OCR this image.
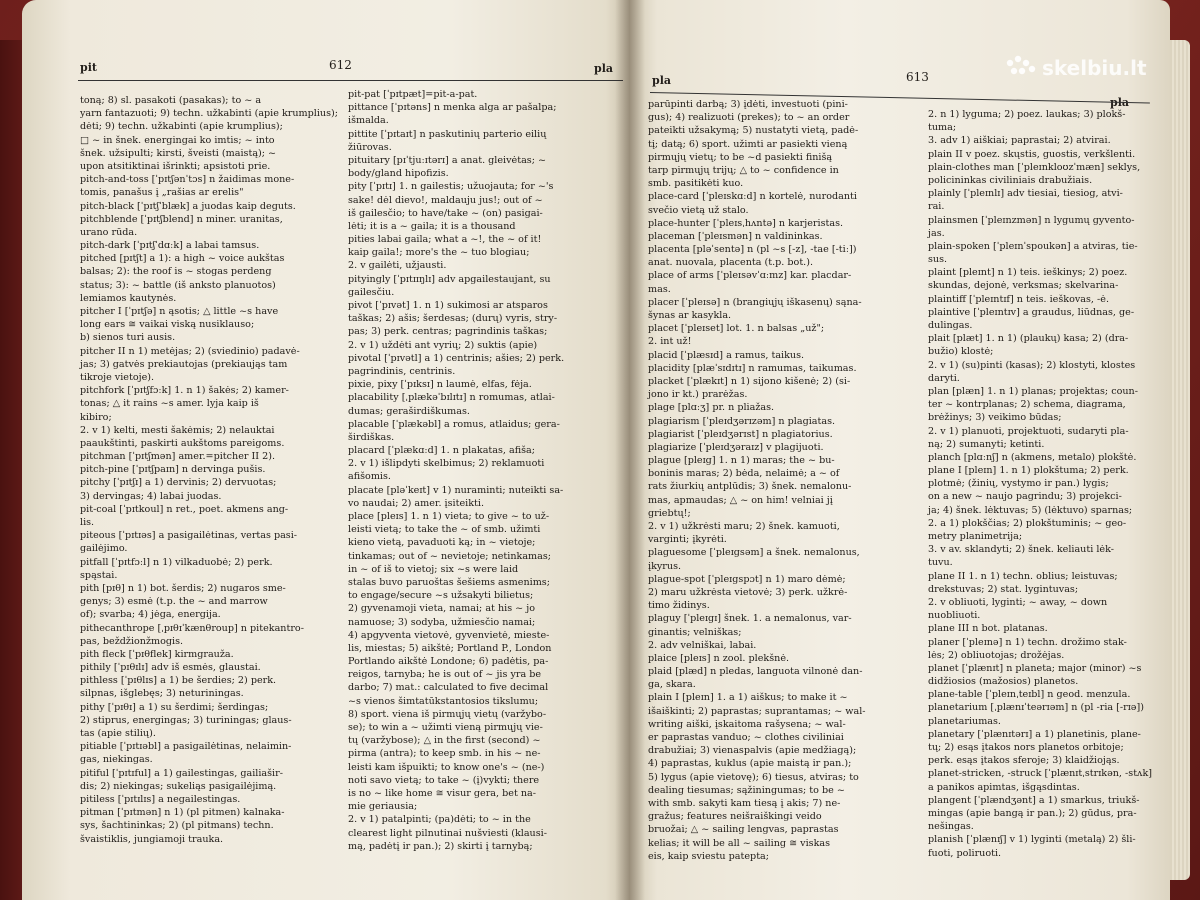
pit	612	pla
toną; 8) sl. pasakoti (pasakas); to ~ a
yarn fantazuoti; 9) techn. užkabinti (apie krumplius);
dėti; 9) techn. užkabinti (apie krumplius);
□ ~ in šnek. energingai ko imtis; ~ into
šnek. užsipulti; kirsti, šveisti (maistą); ~
upon atsitiktinai išrinkti; apsistoti prie.
pitch-and-toss [ˈpɪtʃənˈtɔs] n žaidimas mone-
tomis, panašus į „rašias ar erelis"
pitch-black [ˈpɪtʃˈblæk] a juodas kaip deguts.
pitchblende [ˈpɪtʃblend] n miner. uranitas,
urano rūda.
pitch-dark [ˈpɪtʃˈdɑːk] a labai tamsus.
pitched [pɪtʃt] a 1): a high ~ voice aukštas
balsas; 2): the roof is ~ stogas perdeng
status; 3): ~ battle (iš anksto planuotos)
lemiamos kautynės.
pitcher I [ˈpɪtʃə] n ąsotis; △ little ~s have
long ears ≅ vaikai viską nusiklauso;
b) sienos turi ausis.
pitcher II n 1) metėjas; 2) (sviedinio) padavė-
jas; 3) gatvės prekiautojas (prekiaująs tam
tikroje vietoje).
pitchfork [ˈpɪtʃfɔːk] 1. n 1) šakės; 2) kamer-
tonas; △ it rains ~s amer. lyja kaip iš
kibiro;
2. v 1) kelti, mesti šakėmis; 2) nelauktai
paaukštinti, paskirti aukštoms pareigoms.
pitchman [ˈpɪtʃmən] amer.=pitcher II 2).
pitch-pine [ˈpɪtʃpaɪn] n dervinga pušis.
pitchy [ˈpɪtʃɪ] a 1) dervinis; 2) dervuotas;
3) dervingas; 4) labai juodas.
pit-coal [ˈpɪtkoul] n ret., poet. akmens ang-
lis.
piteous [ˈpɪtɪəs] a pasigailėtinas, vertas pasi-
gailėjimo.
pitfall [ˈpɪtfɔːl] n 1) vilkaduobė; 2) perk.
spąstai.
pith [pɪθ] n 1) bot. šerdis; 2) nugaros sme-
genys; 3) esmė (t.p. the ~ and marrow
of); svarba; 4) jėga, energija.
pithecanthrope [ˌpɪθɪˈkænθroup] n pitekantro-
pas, beždžionžmogis.
pith fleck [ˈpɪθflek] kirmgraužа.
pithily [ˈpɪθɪlɪ] adv iš esmės, glaustai.
pithless [ˈpɪθlɪs] a 1) be šerdies; 2) perk.
silpnas, išglebęs; 3) neturiningas.
pithy [ˈpɪθɪ] a 1) su šerdimi; šerdingas;
2) stiprus, energingas; 3) turiningas; glaus-
tas (apie stilių).
pitiable [ˈpɪtɪəbl] a pasigailėtinas, nelaimin-
gas, niekingas.
pitiful [ˈpɪtɪful] a 1) gailestingas, gailiašir-
dis; 2) niekingas; sukeliąs pasigailėjimą.
pitiless [ˈpɪtɪlɪs] a negailestingas.
pitman [ˈpɪtmən] n 1) (pl pitmen) kalnaka-
sys, šachtininkas; 2) (pl pitmans) techn.
švaistiklis, jungiamoji trauka.
pit-pat [ˈpɪtpæt]=pit-a-pat.
pittance [ˈpɪtəns] n menka alga ar pašalpa;
išmalda.
pittite [ˈpɪtaɪt] n paskutinių parterio eilių
žiūrovas.
pituitary [pɪˈtjuːɪtərɪ] a anat. gleivėtas; ~
body/gland hipofizis.
pity [ˈpɪtɪ] 1. n gailestis; užuojauta; for ~'s
sake! dėl dievo!, maldauju jus!; out of ~
iš gailesčio; to have/take ~ (on) pasigai-
lėti; it is a ~ gaila; it is a thousand
pities labai gaila; what a ~!, the ~ of it!
kaip gaila!; more's the ~ tuo blogiau;
2. v gailėti, užjausti.
pityingly [ˈpɪtɪɪŋlɪ] adv apgailestaujant, su
gailesčiu.
pivot [ˈpɪvət] 1. n 1) sukimosi ar atsparos
taškas; 2) ašis; šerdesas; (durų) vyris, stry-
pas; 3) perk. centras; pagrindinis taškas;
2. v 1) uždėti ant vyrių; 2) suktis (apie)
pivotal [ˈpɪvətl] a 1) centrinis; ašies; 2) perk.
pagrindinis, centrinis.
pixie, pixy [ˈpɪksɪ] n laumė, elfas, fėja.
placability [ˌplækəˈbɪlɪtɪ] n romumas, atlai-
dumas; geraširdiškumas.
placable [ˈplækəbl] a romus, atlaidus; gera-
širdiškas.
placard [ˈplækɑːd] 1. n plakatas, afiša;
2. v 1) išlipdyti skelbimus; 2) reklamuoti
afišomis.
placate [pləˈkeɪt] v 1) nuraminti; nuteikti sa-
vo naudai; 2) amer. įsiteikti.
place [pleɪs] 1. n 1) vieta; to give ~ to už-
leisti vietą; to take the ~ of smb. užimti
kieno vietą, pavaduoti ką; in ~ vietoje;
tinkamas; out of ~ nevietoje; netinkamas;
in ~ of iš to vietoj; six ~s were laid
stalas buvo paruoštas šešiems asmenims;
to engage/secure ~s užsakyti bilietus;
2) gyvenamoji vieta, namai; at his ~ jo
namuose; 3) sodyba, užmiesčio namai;
4) apgyventa vietovė, gyvenvietė, mieste-
lis, miestas; 5) aikštė; Portland P., London
Portlando aikštė Londone; 6) padėtis, pa-
reigos, tarnyba; he is out of ~ jis yra be
darbo; 7) mat.: calculated to five decimal
~s vienos šimtatūkstantosios tikslumu;
8) sport. viena iš pirmųjų vietų (varžybo-
se); to win a ~ užimti vieną pirmųjų vie-
tų (varžybose); △ in the first (second) ~
pirma (antra); to keep smb. in his ~ ne-
leisti kam išpuikti; to know one's ~ (ne-)
noti savo vietą; to take ~ (į)vykti; there
is no ~ like home ≅ visur gera, bet na-
mie geriausia;
2. v 1) patalpinti; (pa)dėti; to ~ in the
clearest light pilnutinai nušviesti (klausi-
mą, padėtį ir pan.); 2) skirti į tarnybą;
pla	613
parūpinti darbą; 3) įdėti, investuoti (pini-
gus); 4) realizuoti (prekes); to ~ an order
pateikti užsakymą; 5) nustatyti vietą, padė-
tį; datą; 6) sport. užimti ar pasiekti vieną
pirmųjų vietų; to be ~d pasiekti finišą
tarp pirmųjų trijų; △ to ~ confidence in
smb. pasitikėti kuo.
place-card [ˈpleɪskɑːd] n kortelė, nurodanti
svečio vietą už stalo.
place-hunter [ˈpleɪsˌhʌntə] n karjeristas.
placeman [ˈpleɪsmən] n valdininkas.
placenta [pləˈsentə] n (pl ~s [-z], -tae [-tiː])
anat. nuovala, placenta (t.p. bot.).
place of arms [ˈpleɪsəvˈɑːmz] kar. placdar-
mas.
placer [ˈpleɪsə] n (brangiųjų iškasenų) sąna-
šynas ar kasykla.
placet [ˈpleɪset] lot. 1. n balsas „už";
2. int už!
placid [ˈplæsɪd] a ramus, taikus.
placidity [plæˈsɪdɪtɪ] n ramumas, taikumas.
placket [ˈplækɪt] n 1) sijono kišenė; 2) (si-
jono ir kt.) prarėžas.
plage [plɑːʒ] pr. n pliažas.
plagiarism [ˈpleɪdʒərɪzəm] n plagiatas.
plagiarist [ˈpleɪdʒərɪst] n plagiatorius.
plagiarize [ˈpleɪdʒəraɪz] v plagijuoti.
plague [pleɪg] 1. n 1) maras; the ~ bu-
boninis maras; 2) bėda, nelaimė; a ~ of
rats žiurkių antplūdis; 3) šnek. nemalonu-
mas, apmaudas; △ ~ on him! velniai jį
griebtų!;
2. v 1) užkrėsti maru; 2) šnek. kamuoti,
varginti; įkyrėti.
plaguesome [ˈpleɪgsəm] a šnek. nemalonus,
įkyrus.
plague-spot [ˈpleɪgspɔt] n 1) maro dėmė;
2) maru užkrėsta vietovė; 3) perk. užkrė-
timo židinys.
plaguy [ˈpleɪgɪ] šnek. 1. a nemalonus, var-
ginantis; velniškas;
2. adv velniškai, labai.
plaice [pleɪs] n zool. plekšnė.
plaid [plæd] n pledas, languota vilnonė dan-
ga, skara.
plain I [pleɪn] 1. a 1) aiškus; to make it ~
išaiškinti; 2) paprastas; suprantamas; ~ wal-
writing aiški, įskaitoma rašysena; ~ wal-
er paprastas vanduo; ~ clothes civiliniai
drabužiai; 3) vienaspalvis (apie medžiagą);
4) paprastas, kuklus (apie maistą ir pan.);
5) lygus (apie vietovę); 6) tiesus, atviras; to
dealing tiesumas; sąžiningumas; to be ~
with smb. sakyti kam tiesą į akis; 7) ne-
gražus; features neišraiškingi veido
bruožai; △ ~ sailing lengvas, paprastas
kelias; it will be all ~ sailing ≅ viskas
eis, kaip sviestu patepta;
2. n 1) lyguma; 2) poez. laukas; 3) plokš-
tuma;
3. adv 1) aiškiai; paprastai; 2) atvirai.
plain II v poez. skųstis, guostis, verkšlenti.
plain-clothes man [ˈpleɪnkloʊzˈmæn] seklys,
policininkas civiliniais drabužiais.
plainly [ˈpleɪnlɪ] adv tiesiai, tiesiog, atvi-
rai.
plainsmen [ˈpleɪnzmən] n lygumų gyvento-
jas.
plain-spoken [ˈpleɪnˈspoukən] a atviras, tie-
sus.
plaint [pleɪnt] n 1) teis. ieškinys; 2) poez.
skundas, dejonė, verksmas; skelvarina-
plaintiff [ˈpleɪntɪf] n teis. ieškovas, -ė.
plaintive [ˈpleɪntɪv] a graudus, liūdnas, ge-
dulingas.
plait [plæt] 1. n 1) (plaukų) kasa; 2) (dra-
bužio) klostė;
2. v 1) (su)pinti (kasas); 2) klostyti, klostes
daryti.
plan [plæn] 1. n 1) planas; projektas; coun-
ter ~ kontrplanas; 2) schema, diagrama,
brėžinys; 3) veikimo būdas;
2. v 1) planuoti, projektuoti, sudaryti pla-
ną; 2) sumanyti; ketinti.
planch [plɑːnʃ] n (akmens, metalo) plokštė.
plane I [pleɪn] 1. n 1) plokštuma; 2) perk.
plotmė; (žinių, vystymo ir pan.) lygis;
on a new ~ naujo pagrindu; 3) projekci-
ja; 4) šnek. lėktuvas; 5) (lėktuvo) sparnas;
2. a 1) plokščias; 2) plokštuminis; ~ geo-
metry planimetrija;
3. v av. sklandyti; 2) šnek. keliauti lėk-
tuvu.
plane II 1. n 1) techn. oblius; leistuvas;
drekstuvas; 2) stat. lygintuvas;
2. v obliuoti, lyginti; ~ away, ~ down
nuobliuoti.
plane III n bot. platanas.
planer [ˈpleɪnə] n 1) techn. drožimo stak-
lės; 2) obliuotojas; drožėjas.
planet [ˈplænɪt] n planeta; major (minor) ~s
didžiosios (mažosios) planetos.
plane-table [ˈpleɪnˌteɪbl] n geod. menzula.
planetarium [ˌplænɪˈteərɪəm] n (pl -ria [-rɪə])
planetariumas.
planetary [ˈplænɪtərɪ] a 1) planetinis, plane-
tų; 2) esąs įtakos nors planetos orbitoje;
perk. esąs įtakos sferoje; 3) klaidžiojąs.
planet-stricken, -struck [ˈplænɪtˌstrɪkən, -stʌk]
a panikos apimtas, išgąsdintas.
plangent [ˈplændʒənt] a 1) smarkus, triukš-
mingas (apie bangą ir pan.); 2) gūdus, pra-
nešingas.
planish [ˈplænɪʃ] v 1) lyginti (metalą) 2) šli-
fuoti, poliruoti.
skelbiu.lt
